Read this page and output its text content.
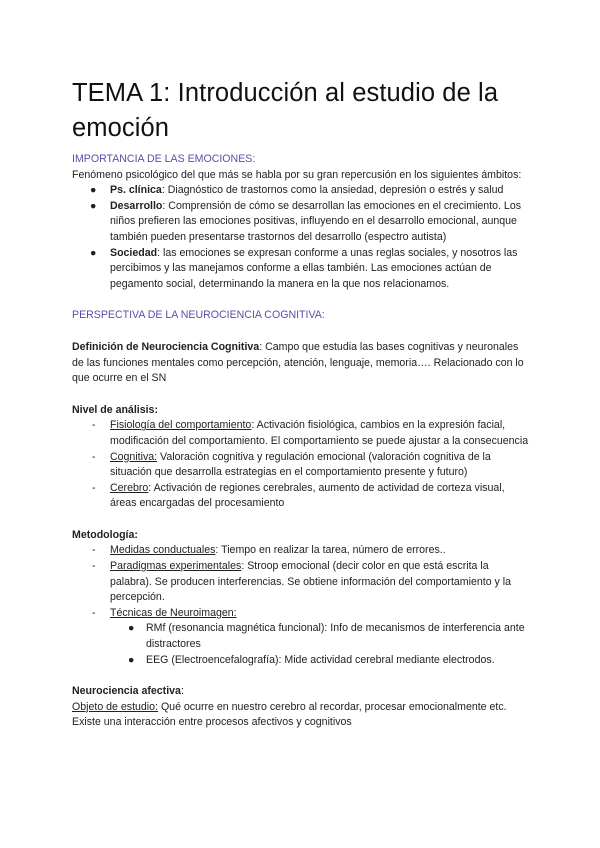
TEMA 1: Introducción al estudio de la emoción

IMPORTANCIA DE LAS EMOCIONES:

Fenómeno psicológico del que más se habla por su gran repercusión en los siguientes ámbitos:

● Ps. clínica: Diagnóstico de trastornos como la ansiedad, depresión o estrés y salud
● Desarrollo: Comprensión de cómo se desarrollan las emociones en el crecimiento. Los niños prefieren las emociones positivas, influyendo en el desarrollo emocional, aunque también pueden presentarse trastornos del desarrollo (espectro autista)
● Sociedad: las emociones se expresan conforme a unas reglas sociales, y nosotros las percibimos y las manejamos conforme a ellas también. Las emociones actúan de pegamento social, determinando la manera en la que nos relacionamos.

PERSPECTIVA DE LA NEUROCIENCIA COGNITIVA:

Definición de Neurociencia Cognitiva: Campo que estudia las bases cognitivas y neuronales de las funciones mentales como percepción, atención, lenguaje, memoria…. Relacionado con lo que ocurre en el SN

Nivel de análisis:

- Fisiología del comportamiento: Activación fisiológica, cambios en la expresión facial, modificación del comportamiento. El comportamiento se puede ajustar a la consecuencia
- Cognitiva: Valoración cognitiva y regulación emocional (valoración cognitiva de la situación que desarrolla estrategias en el comportamiento presente y futuro)
- Cerebro: Activación de regiones cerebrales, aumento de actividad de corteza visual, áreas encargadas del procesamiento

Metodología:

- Medidas conductuales: Tiempo en realizar la tarea, número de errores..
- Paradigmas experimentales: Stroop emocional (decir color en que está escrita la palabra). Se producen interferencias. Se obtiene información del comportamiento y la percepción.
- Técnicas de Neuroimagen:
● RMf (resonancia magnética funcional): Info de mecanismos de interferencia ante distractores
● EEG (Electroencefalografía): Mide actividad cerebral mediante electrodos.

Neurociencia afectiva:

Objeto de estudio: Qué ocurre en nuestro cerebro al recordar, procesar emocionalmente etc. Existe una interacción entre procesos afectivos y cognitivos
